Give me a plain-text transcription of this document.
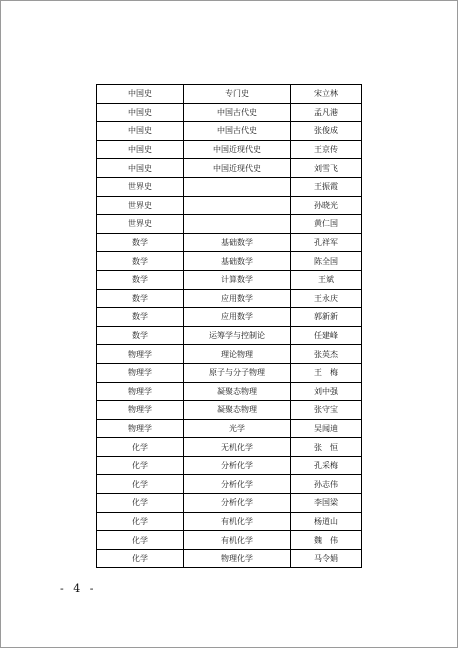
中国史	专门史	宋立林
中国史	中国古代史	孟凡港
中国史	中国古代史	张俊成
中国史	中国近现代史	王京传
中国史	中国近现代史	刘雪飞
世界史		王振霞
世界史		孙晓光
世界史		黄仁国
数学	基础数学	孔祥军
数学	基础数学	陈全国
数学	计算数学	王斌
数学	应用数学	王永庆
数学	应用数学	郭新新
数学	运筹学与控制论	任建峰
物理学	理论物理	张英杰
物理学	原子与分子物理	王　梅
物理学	凝聚态物理	刘中强
物理学	凝聚态物理	张守宝
物理学	光学	吴闻迪
化学	无机化学	张　恒
化学	分析化学	孔采梅
化学	分析化学	孙志伟
化学	分析化学	李国梁
化学	有机化学	杨道山
化学	有机化学	魏　伟
化学	物理化学	马令娟
- 4 -
